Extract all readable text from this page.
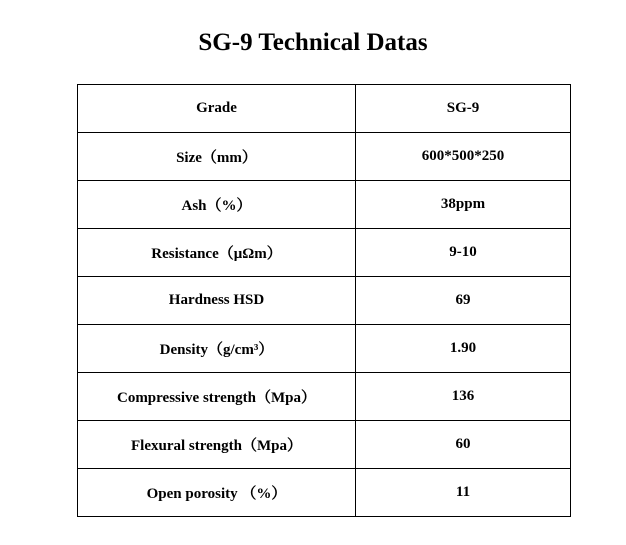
SG-9 Technical Datas
Grade	SG-9
Size（mm）	600*500*250
Ash（%）	38ppm
Resistance（μΩm）	9-10
Hardness HSD	69
Density（g/cm³）	1.90
Compressive strength（Mpa）	136
Flexural strength（Mpa）	60
Open porosity （%）	11
